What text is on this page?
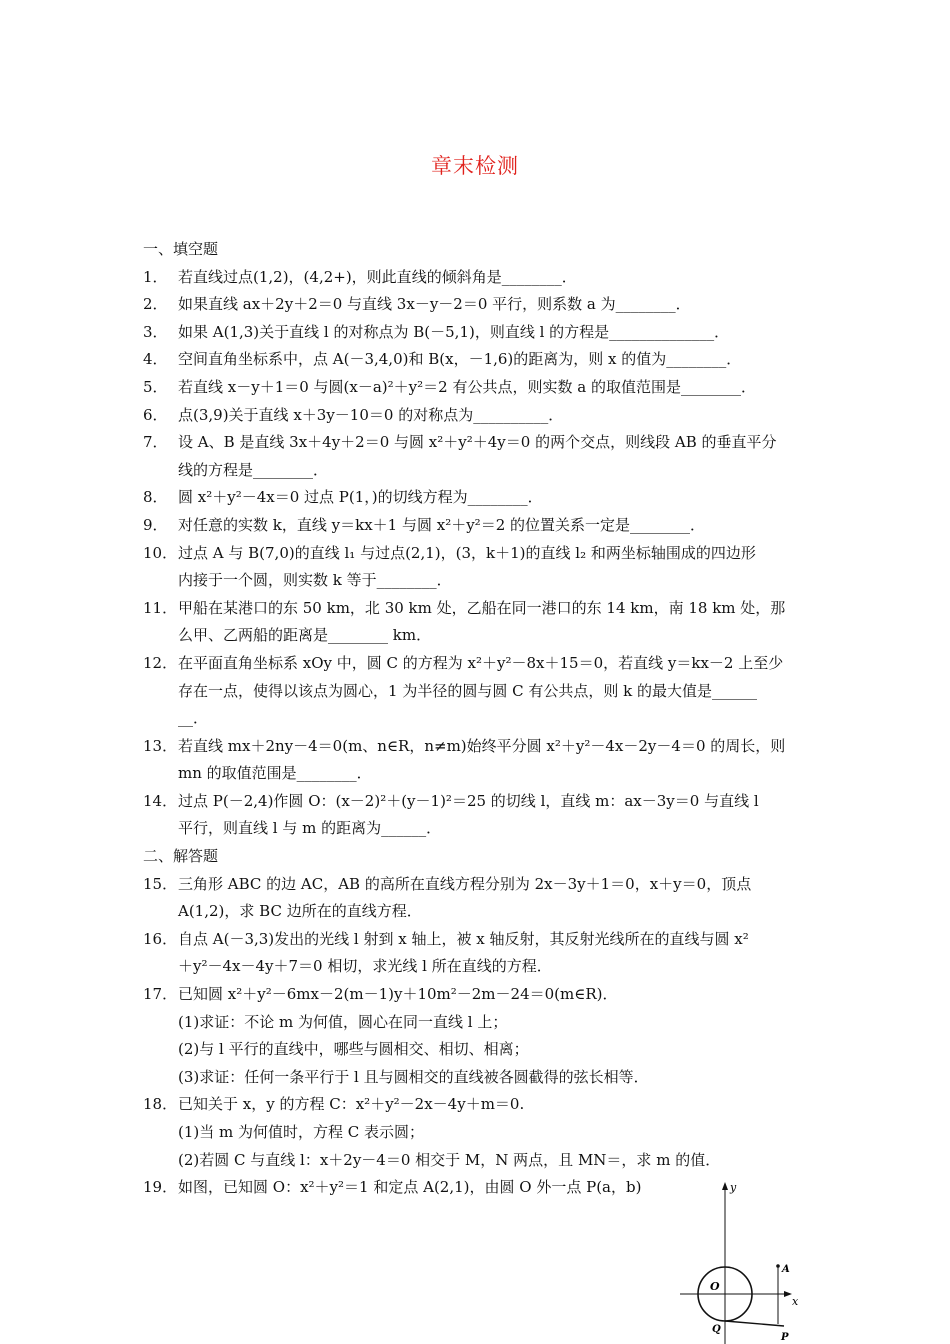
章末检测
一、填空题
1． 若直线过点(1,2)，(4,2+)，则此直线的倾斜角是________．
2． 如果直线 ax＋2y＋2＝0 与直线 3x－y－2＝0 平行，则系数 a 为________．
3． 如果 A(1,3)关于直线 l 的对称点为 B(－5,1)，则直线 l 的方程是______________．
4． 空间直角坐标系中，点 A(－3,4,0)和 B(x，－1,6)的距离为，则 x 的值为________．
5． 若直线 x－y＋1＝0 与圆(x－a)²＋y²＝2 有公共点，则实数 a 的取值范围是________．
6． 点(3,9)关于直线 x＋3y－10＝0 的对称点为__________．
7． 设 A、B 是直线 3x＋4y＋2＝0 与圆 x²＋y²＋4y＝0 的两个交点，则线段 AB 的垂直平分
线的方程是________．
8． 圆 x²＋y²－4x＝0 过点 P(1，)的切线方程为________．
9． 对任意的实数 k，直线 y＝kx＋1 与圆 x²＋y²＝2 的位置关系一定是________．
10． 过点 A 与 B(7,0)的直线 l₁ 与过点(2,1)，(3，k＋1)的直线 l₂ 和两坐标轴围成的四边形
内接于一个圆，则实数 k 等于________．
11． 甲船在某港口的东 50 km，北 30 km 处，乙船在同一港口的东 14 km，南 18 km 处，那
么甲、乙两船的距离是________ km．
12． 在平面直角坐标系 xOy 中，圆 C 的方程为 x²＋y²－8x＋15＝0，若直线 y＝kx－2 上至少
存在一点，使得以该点为圆心，1 为半径的圆与圆 C 有公共点，则 k 的最大值是______
__．
13． 若直线 mx＋2ny－4＝0(m、n∈R，n≠m)始终平分圆 x²＋y²－4x－2y－4＝0 的周长，则
mn 的取值范围是________．
14． 过点 P(－2,4)作圆 O：(x－2)²＋(y－1)²＝25 的切线 l，直线 m：ax－3y＝0 与直线 l
平行，则直线 l 与 m 的距离为______．
二、解答题
15． 三角形 ABC 的边 AC，AB 的高所在直线方程分别为 2x－3y＋1＝0，x＋y＝0，顶点
A(1,2)，求 BC 边所在的直线方程．
16． 自点 A(－3,3)发出的光线 l 射到 x 轴上，被 x 轴反射，其反射光线所在的直线与圆 x²
＋y²－4x－4y＋7＝0 相切，求光线 l 所在直线的方程．
17． 已知圆 x²＋y²－6mx－2(m－1)y＋10m²－2m－24＝0(m∈R)．
(1)求证：不论 m 为何值，圆心在同一直线 l 上；
(2)与 l 平行的直线中，哪些与圆相交、相切、相离；
(3)求证：任何一条平行于 l 且与圆相交的直线被各圆截得的弦长相等．
18． 已知关于 x，y 的方程 C：x²＋y²－2x－4y＋m＝0.
(1)当 m 为何值时，方程 C 表示圆；
(2)若圆 C 与直线 l：x＋2y－4＝0 相交于 M，N 两点，且 MN＝，求 m 的值．
19． 如图，已知圆 O：x²＋y²＝1 和定点 A(2,1)，由圆 O 外一点 P(a，b)	y
x
O
A
Q
P
